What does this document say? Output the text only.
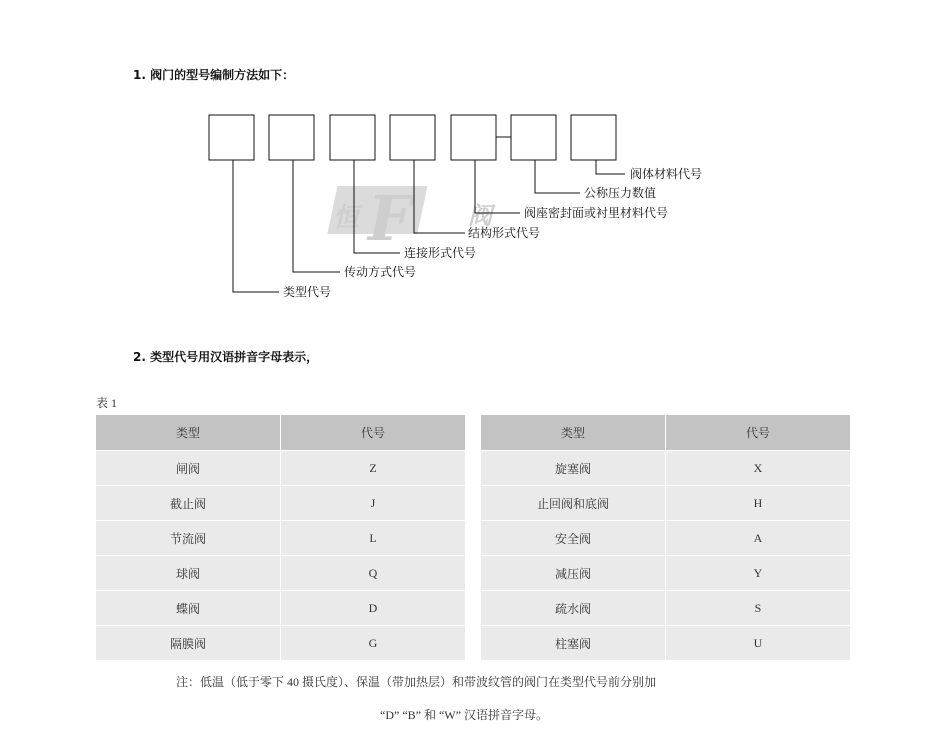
1. 阀门的型号编制方法如下：
恒 F 阀
阀体材料代号
公称压力数值
阀座密封面或衬里材料代号
结构形式代号
连接形式代号
传动方式代号
类型代号
2. 类型代号用汉语拼音字母表示，
表 1
类型	代号
闸阀	Z
截止阀	J
节流阀	L
球阀	Q
蝶阀	D
隔膜阀	G
类型	代号
旋塞阀	X
止回阀和底阀	H
安全阀	A
减压阀	Y
疏水阀	S
柱塞阀	U
注：低温（低于零下 40 摄氏度）、保温（带加热层）和带波纹管的阀门在类型代号前分别加
“D” “B” 和 “W” 汉语拼音字母。
